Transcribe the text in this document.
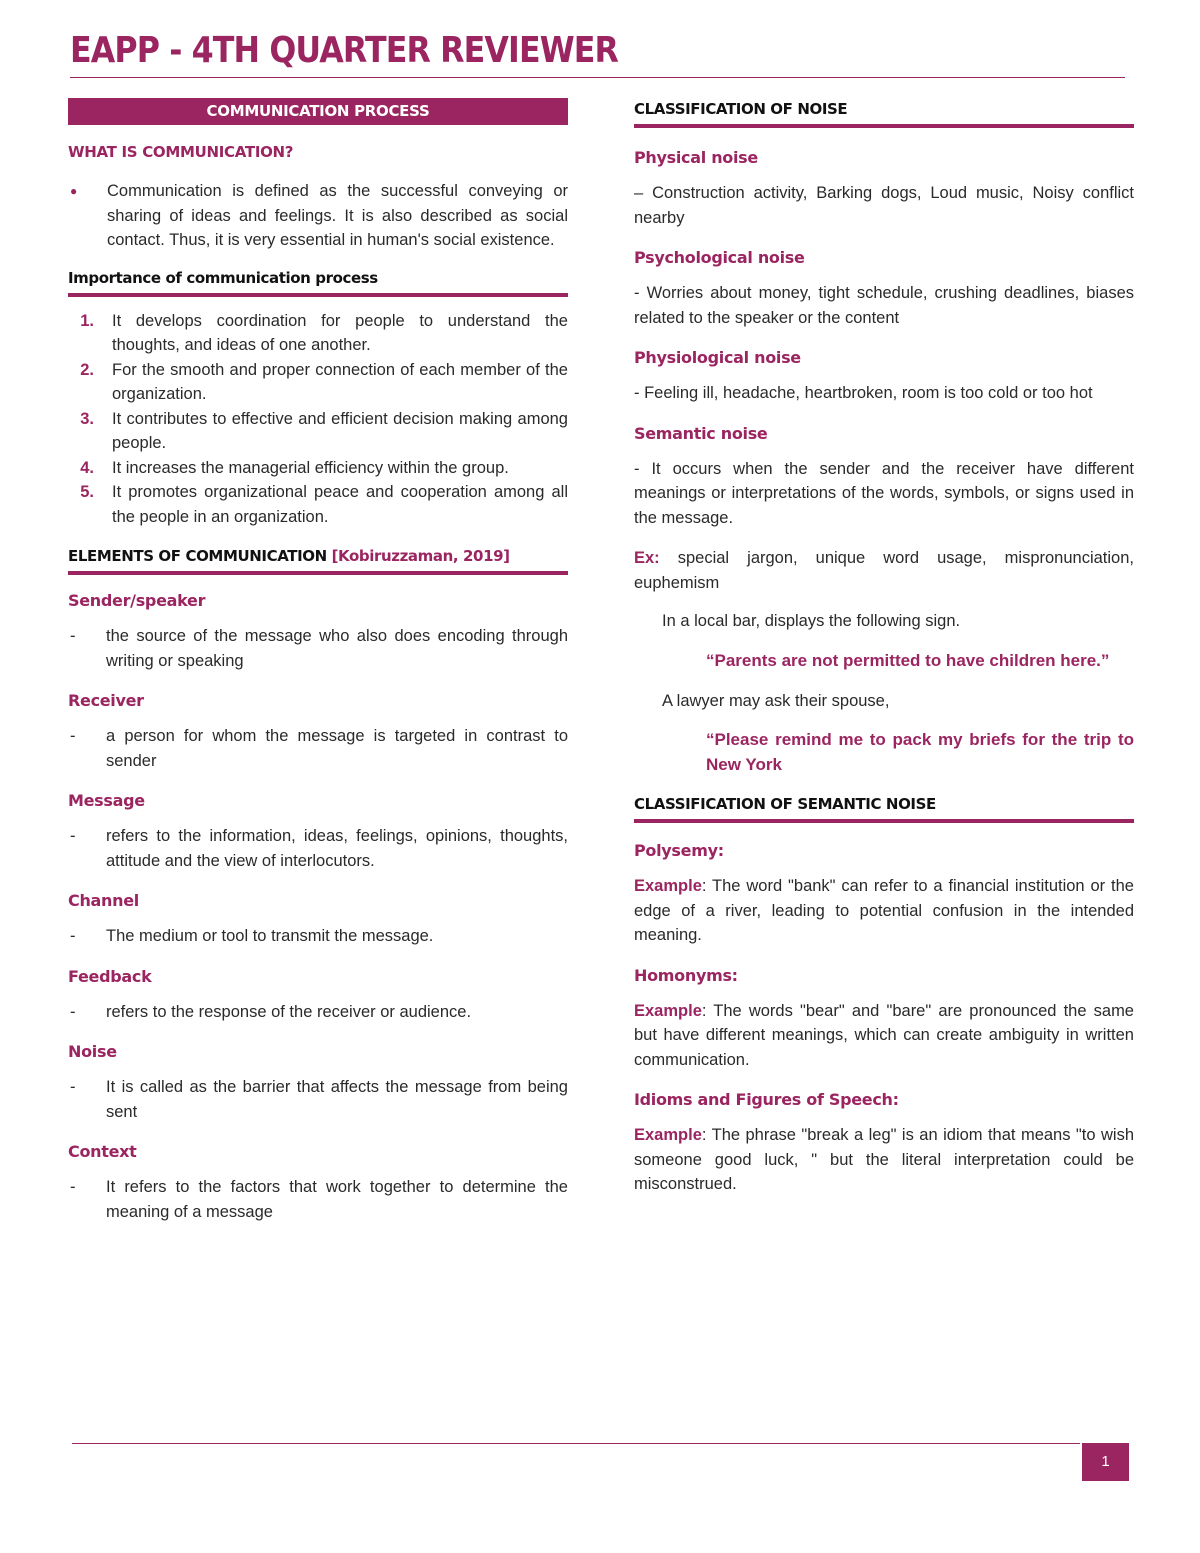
EAPP - 4TH QUARTER REVIEWER
COMMUNICATION PROCESS
WHAT IS COMMUNICATION?
●	Communication is defined as the successful conveying or sharing of ideas and feelings. It is also described as social contact. Thus, it is very essential in human's social existence.
Importance of communication process
1.	It develops coordination for people to understand the thoughts, and ideas of one another.
2.	For the smooth and proper connection of each member of the organization.
3.	It contributes to effective and efficient decision making among people.
4.	It increases the managerial efficiency within the group.
5.	It promotes organizational peace and cooperation among all the people in an organization.
ELEMENTS OF COMMUNICATION [Kobiruzzaman, 2019]
Sender/speaker
-	the source of the message who also does encoding through writing or speaking
Receiver
-	a person for whom the message is targeted in contrast to sender
Message
-	refers to the information, ideas, feelings, opinions, thoughts, attitude and the view of interlocutors.
Channel
-	The medium or tool to transmit the message.
Feedback
-	refers to the response of the receiver or audience.
Noise
-	It is called as the barrier that affects the message from being sent
Context
-	It refers to the factors that work together to determine the meaning of a message
CLASSIFICATION OF NOISE
Physical noise
– Construction activity, Barking dogs, Loud music, Noisy conflict nearby
Psychological noise
- Worries about money, tight schedule, crushing deadlines, biases related to the speaker or the content
Physiological noise
- Feeling ill, headache, heartbroken, room is too cold or too hot
Semantic noise
- It occurs when the sender and the receiver have different meanings or interpretations of the words, symbols, or signs used in the message.
Ex: special jargon, unique word usage, mispronunciation, euphemism
In a local bar, displays the following sign.
“Parents are not permitted to have children here.”
A lawyer may ask their spouse,
“Please remind me to pack my briefs for the trip to New York
CLASSIFICATION OF SEMANTIC NOISE
Polysemy:
Example: The word "bank" can refer to a financial institution or the edge of a river, leading to potential confusion in the intended meaning.
Homonyms:
Example: The words "bear" and "bare" are pronounced the same but have different meanings, which can create ambiguity in written communication.
Idioms and Figures of Speech:
Example: The phrase "break a leg" is an idiom that means "to wish someone good luck, " but the literal interpretation could be misconstrued.
1
